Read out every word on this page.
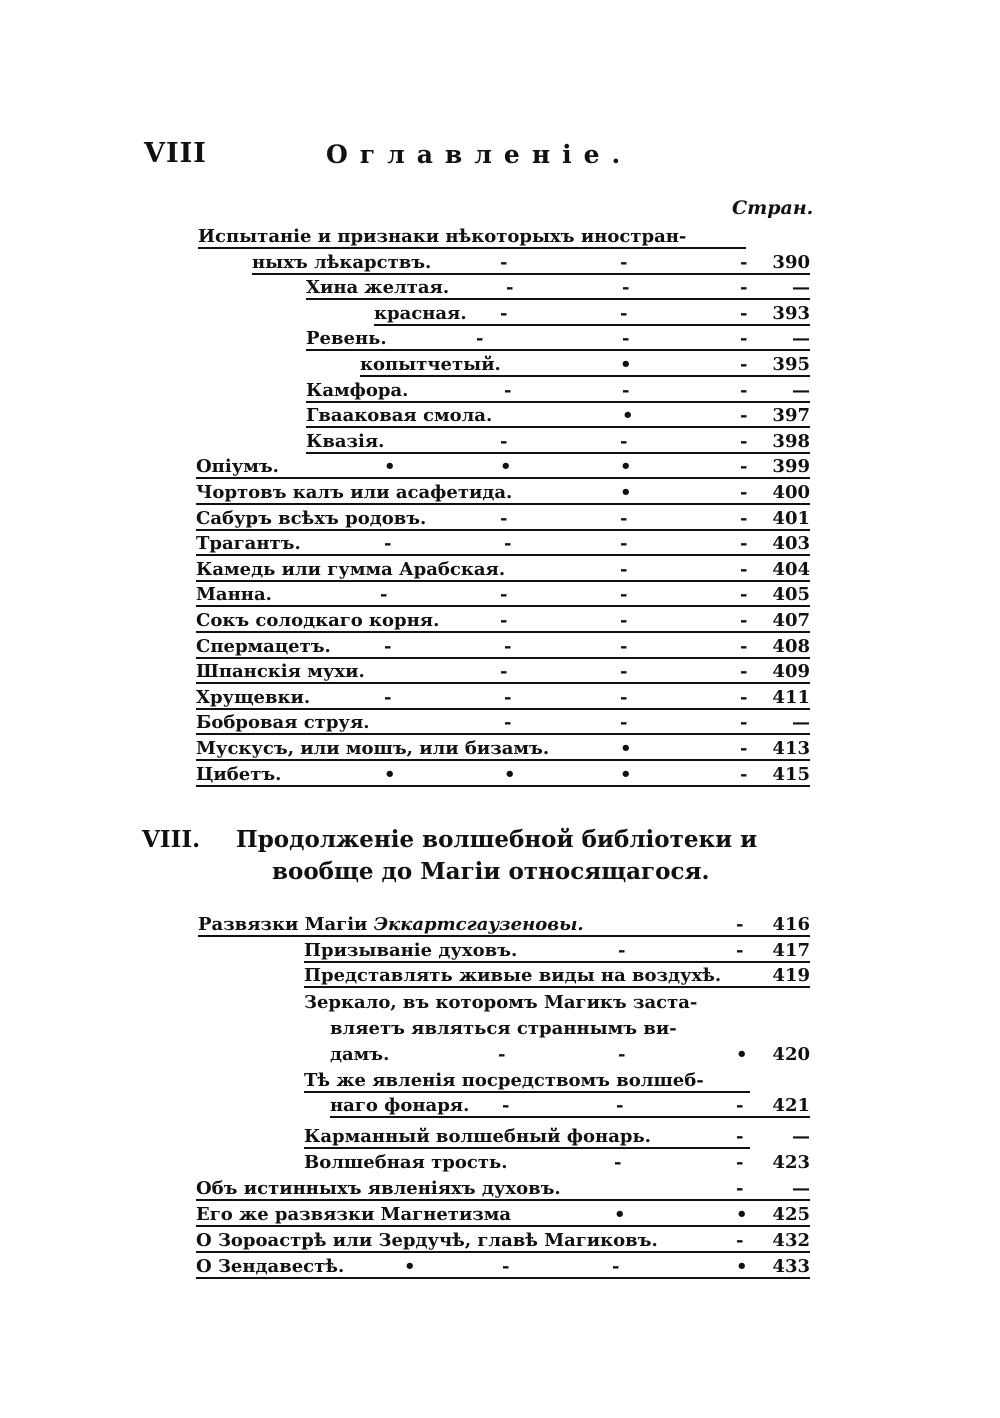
VIII	Оглавленіе.
Стран.
Испытаніе и признаки нѣкоторыхъ иностран-
ныхъ лѣкарствъ.	-	-	-	390
Хина желтая.	-	-	-	—
красная. -	-	-	393
Ревень.	-	-	-	—
копытчетый.	•	-	395
Камфора.	-	-	-	—
Гвааковая смола.	•	-	397
Квазія.	-	-	-	398
Опіумъ.	•	•	•	-	399
Чортовъ калъ или асафетида.	•	-	400
Сабуръ всѣхъ родовъ.	-	-	-	401
Трагантъ.	-	-	-	-	403
Камедь или гумма Арабская.	-	-	404
Манна.	-	-	-	-	405
Сокъ солодкаго корня.	-	-	-	407
Спермацетъ.	-	-	-	-	408
Шпанскія мухи.	-	-	-	409
Хрущевки.	-	-	-	-	411
Бобровая струя.	-	-	-	—
Мускусъ, или мошъ, или бизамъ.	•	-	413
Цибетъ.	•	•	•	-	415
VIII. Продолженіе волшебной библіотеки и
вообще до Магіи относящагося.
Развязки Магіи Эккартсгаузеновы.	-	416
Призываніе духовъ.	-	-	417
Представлять живые виды на воздухѣ.	419
Зеркало, въ которомъ Магикъ заста-
вляетъ являться страннымъ ви-
дамъ.	-	-	•	420
Тѣ же явленія посредствомъ волшеб-
наго фонаря. -	-	-	421
Карманный волшебный фонарь.	-	—
Волшебная трость.	-	-	423
Объ истинныхъ явленіяхъ духовъ.	-	—
Его же развязки Магнетизма	•	•	425
О Зороастрѣ или Зердучѣ, главѣ Магиковъ.	-	432
О Зендавестѣ.	•	-	-	•	433
